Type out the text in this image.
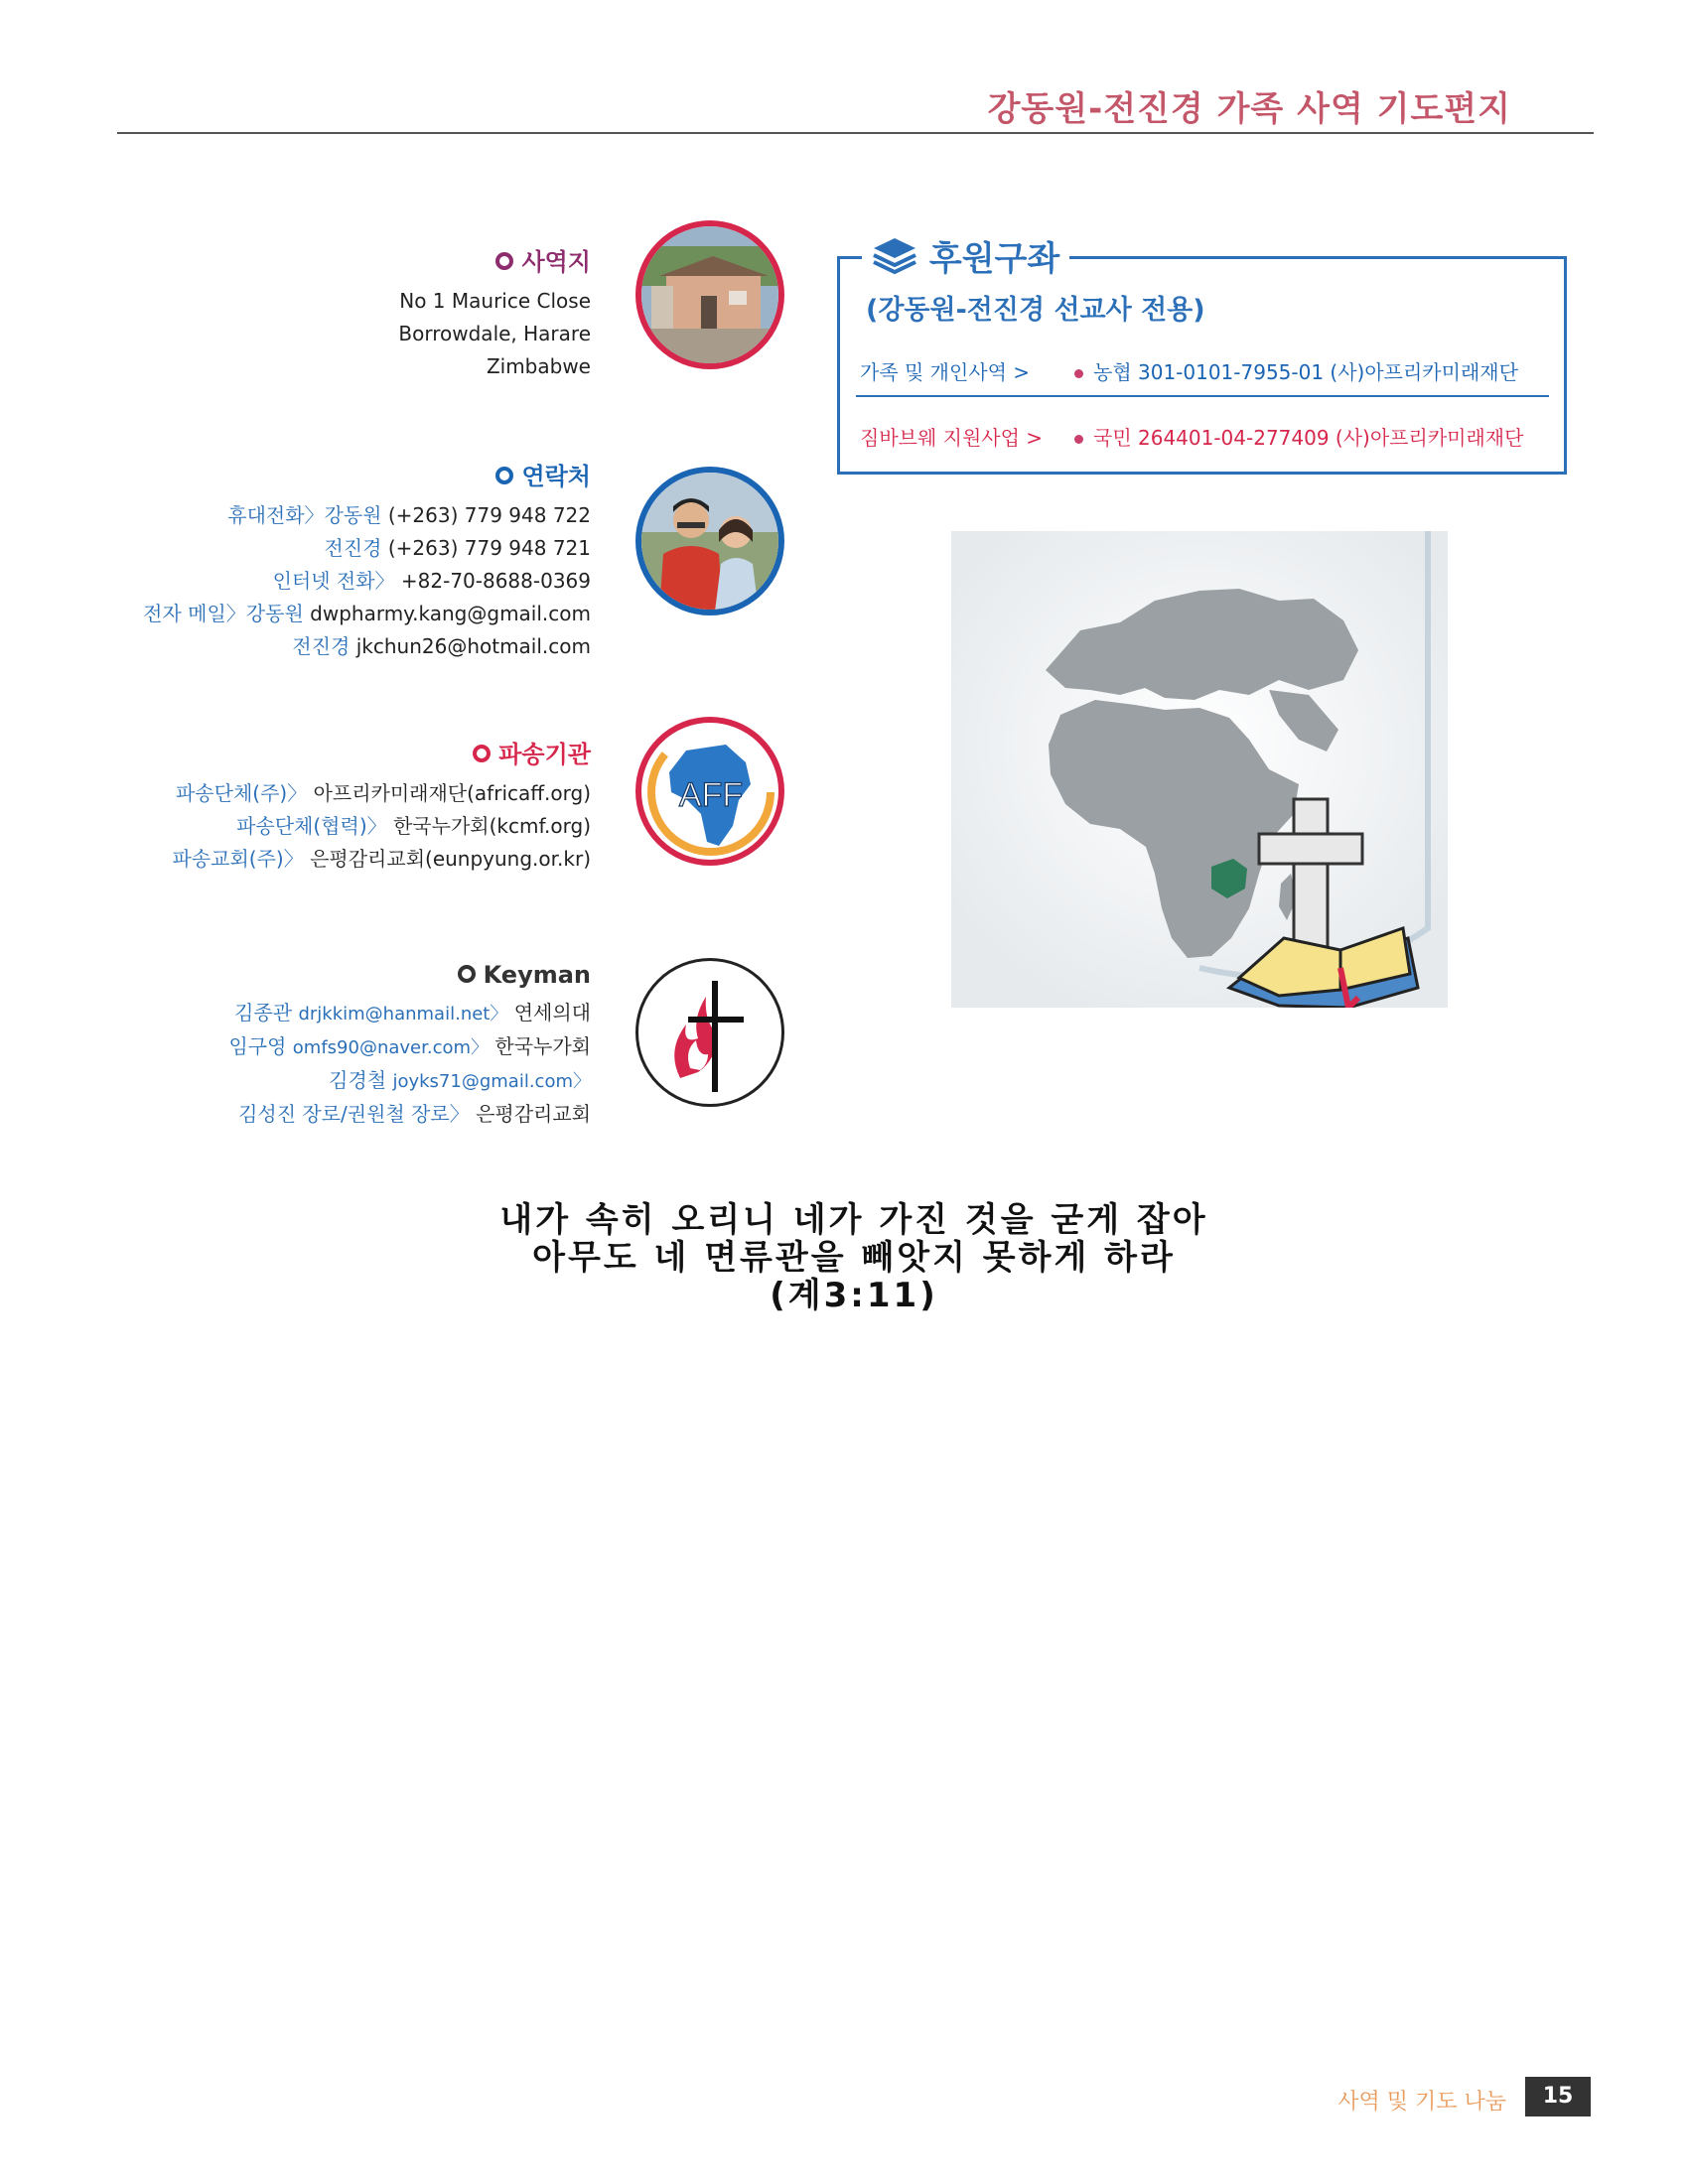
강동원-전진경 가족 사역 기도편지
사역지
No 1 Maurice Close
Borrowdale, Harare
Zimbabwe
후원구좌
(강동원-전진경 선교사 전용)
가족 및 개인사역 >	농협 301-0101-7955-01 (사)아프리카미래재단
짐바브웨 지원사업 >	국민 264401-04-277409 (사)아프리카미래재단
연락처
휴대전화〉강동원 (+263) 779 948 722
전진경 (+263) 779 948 721
인터넷 전화〉 +82-70-8688-0369
전자 메일〉강동원 dwpharmy.kang@gmail.com
전진경 jkchun26@hotmail.com
파송기관
파송단체(주)〉 아프리카미래재단(africaff.org)
파송단체(협력)〉 한국누가회(kcmf.org)
파송교회(주)〉 은평감리교회(eunpyung.or.kr)
AFF
Keyman
김종관 drjkkim@hanmail.net〉 연세의대
임구영 omfs90@naver.com〉 한국누가회
김경철 joyks71@gmail.com〉
김성진 장로/권원철 장로〉 은평감리교회
내가 속히 오리니 네가 가진 것을 굳게 잡아
아무도 네 면류관을 빼앗지 못하게 하라
(계3:11)
사역 및 기도 나눔	15
